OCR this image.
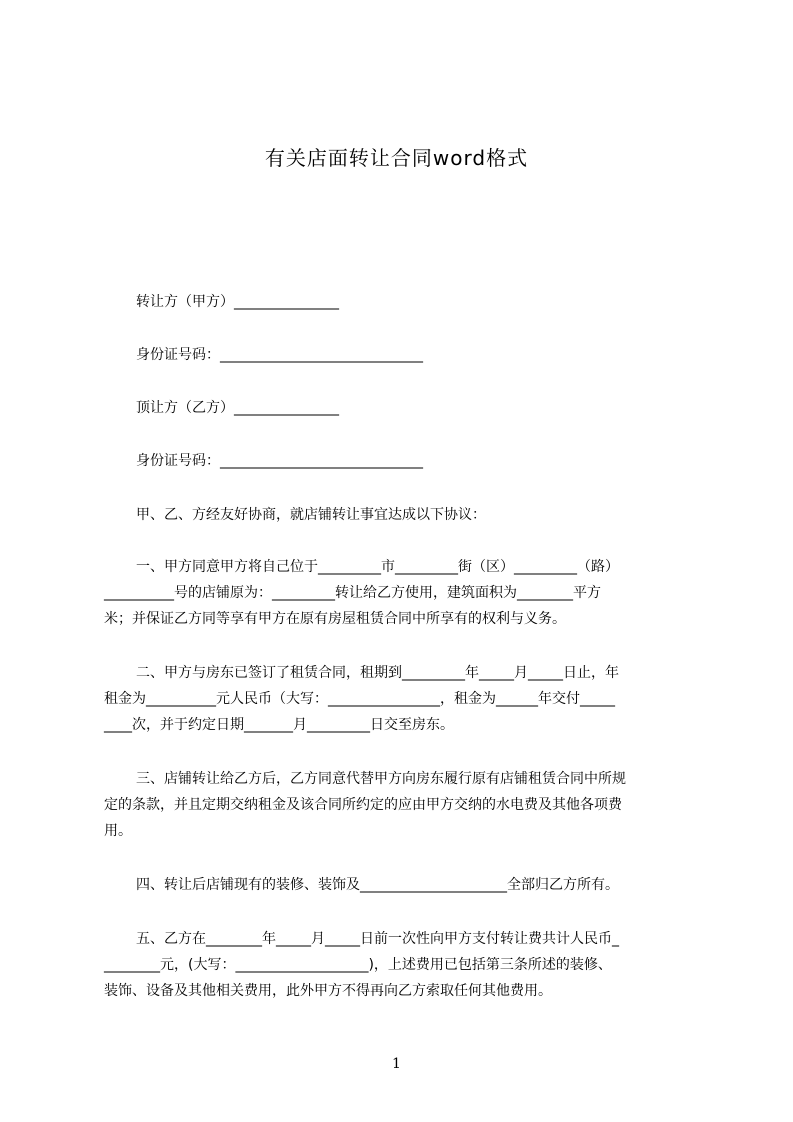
有关店面转让合同word格式
转让方（甲方）_______________
身份证号码：_____________________________
顶让方（乙方）_______________
身份证号码：_____________________________
甲、乙、方经友好协商，就店铺转让事宜达成以下协议：
一、甲方同意甲方将自己位于_________市_________街（区）_________（路）
__________号的店铺原为：_________转让给乙方使用，建筑面积为________平方
米；并保证乙方同等享有甲方在原有房屋租赁合同中所享有的权利与义务。
二、甲方与房东已签订了租赁合同，租期到_________年_____月_____日止，年
租金为__________元人民币（大写：________________，租金为______年交付_____
____次，并于约定日期_______月_________日交至房东。
三、店铺转让给乙方后，乙方同意代替甲方向房东履行原有店铺租赁合同中所规
定的条款，并且定期交纳租金及该合同所约定的应由甲方交纳的水电费及其他各项费
用。
四、转让后店铺现有的装修、装饰及_____________________全部归乙方所有。
五、乙方在________年_____月_____日前一次性向甲方支付转让费共计人民币_
________元，(大写：___________________)，上述费用已包括第三条所述的装修、
装饰、设备及其他相关费用，此外甲方不得再向乙方索取任何其他费用。
1
